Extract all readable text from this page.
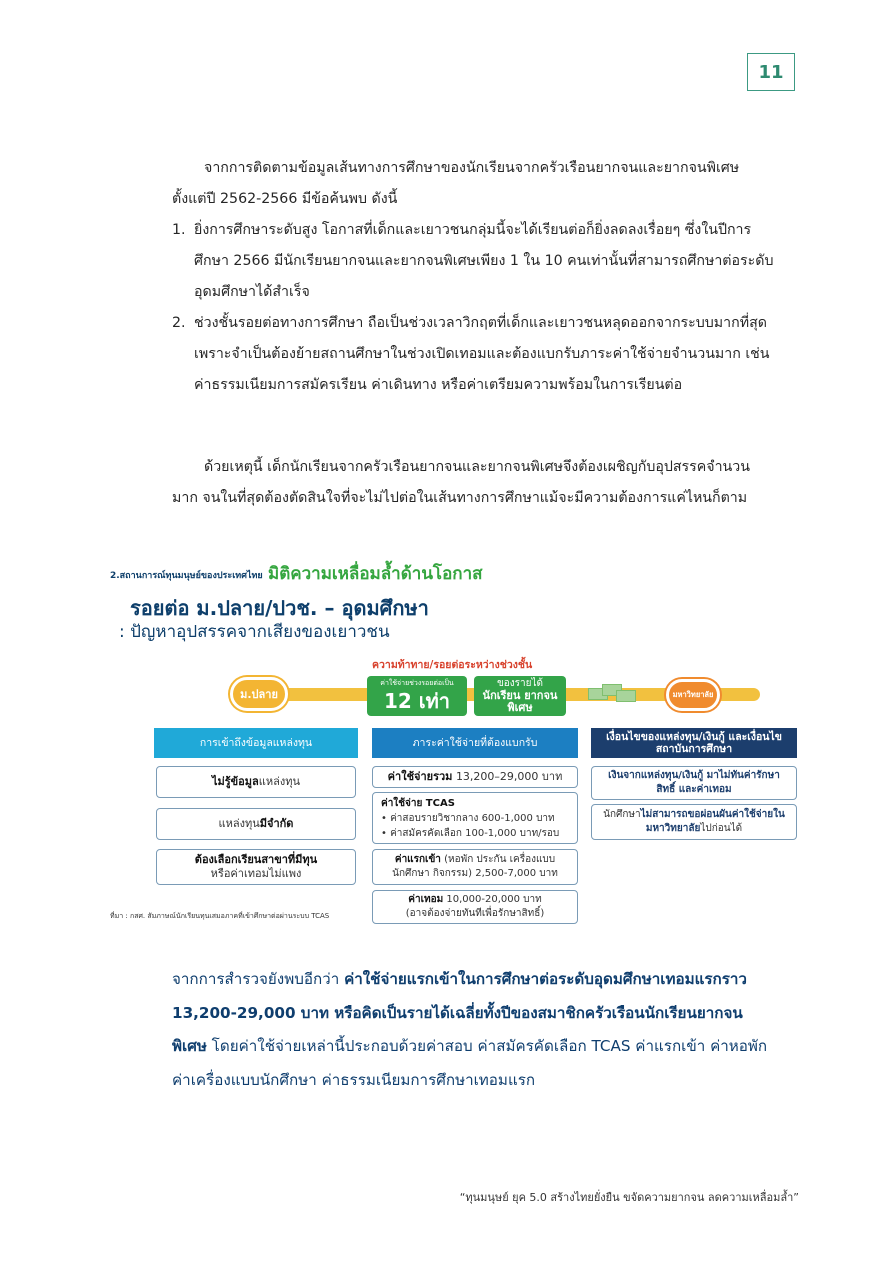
11

จากการติดตามข้อมูลเส้นทางการศึกษาของนักเรียนจากครัวเรือนยากจนและยากจนพิเศษตั้งแต่ปี 2562-2566 มีข้อค้นพบ ดังนี้

1. ยิ่งการศึกษาระดับสูง โอกาสที่เด็กและเยาวชนกลุ่มนี้จะได้เรียนต่อก็ยิ่งลดลงเรื่อยๆ ซึ่งในปีการศึกษา 2566 มีนักเรียนยากจนและยากจนพิเศษเพียง 1 ใน 10 คนเท่านั้นที่สามารถศึกษาต่อระดับอุดมศึกษาได้สำเร็จ
2. ช่วงชั้นรอยต่อทางการศึกษา ถือเป็นช่วงเวลาวิกฤตที่เด็กและเยาวชนหลุดออกจากระบบมากที่สุด เพราะจำเป็นต้องย้ายสถานศึกษาในช่วงเปิดเทอมและต้องแบกรับภาระค่าใช้จ่ายจำนวนมาก เช่น ค่าธรรมเนียมการสมัครเรียน ค่าเดินทาง หรือค่าเตรียมความพร้อมในการเรียนต่อ

ด้วยเหตุนี้ เด็กนักเรียนจากครัวเรือนยากจนและยากจนพิเศษจึงต้องเผชิญกับอุปสรรคจำนวนมาก จนในที่สุดต้องตัดสินใจที่จะไม่ไปต่อในเส้นทางการศึกษาแม้จะมีความต้องการแค่ไหนก็ตาม

2.สถานการณ์ทุนมนุษย์ของประเทศไทย มิติความเหลื่อมล้ำด้านโอกาส
รอยต่อ ม.ปลาย/ปวช. – อุดมศึกษา
: ปัญหาอุปสรรคจากเสียงของเยาวชน
ความท้าทาย/รอยต่อระหว่างช่วงชั้น
ม.ปลาย
ค่าใช้จ่ายช่วงรอยต่อเป็น
12 เท่า
ของรายได้
นักเรียน ยากจนพิเศษ
มหาวิทยาลัย
การเข้าถึงข้อมูลแหล่งทุน	ภาระค่าใช้จ่ายที่ต้องแบกรับ	เงื่อนไขของแหล่งทุน/เงินกู้ และเงื่อนไขสถาบันการศึกษา
ไม่รู้ข้อมูลแหล่งทุน
แหล่งทุนมีจำกัด
ต้องเลือกเรียนสาขาที่มีทุน
หรือค่าเทอมไม่แพง
ค่าใช้จ่ายรวม 13,200–29,000 บาท
ค่าใช้จ่าย TCAS
• ค่าสอบรายวิชากลาง 600-1,000 บาท
• ค่าสมัครคัดเลือก 100-1,000 บาท/รอบ
ค่าแรกเข้า (หอพัก ประกัน เครื่องแบบนักศึกษา กิจกรรม) 2,500-7,000 บาท
ค่าเทอม 10,000-20,000 บาท
(อาจต้องจ่ายทันทีเพื่อรักษาสิทธิ์)
เงินจากแหล่งทุน/เงินกู้ มาไม่ทันค่ารักษาสิทธิ์ และค่าเทอม
นักศึกษาไม่สามารถขอผ่อนผันค่าใช้จ่ายในมหาวิทยาลัยไปก่อนได้
ที่มา : กสศ. สัมภาษณ์นักเรียนทุนเสมอภาคที่เข้าศึกษาต่อผ่านระบบ TCAS

จากการสำรวจยังพบอีกว่า ค่าใช้จ่ายแรกเข้าในการศึกษาต่อระดับอุดมศึกษาเทอมแรกราว 13,200-29,000 บาท หรือคิดเป็นรายได้เฉลี่ยทั้งปีของสมาชิกครัวเรือนนักเรียนยากจนพิเศษ โดยค่าใช้จ่ายเหล่านี้ประกอบด้วยค่าสอบ ค่าสมัครคัดเลือก TCAS ค่าแรกเข้า ค่าหอพัก ค่าเครื่องแบบนักศึกษา ค่าธรรมเนียมการศึกษาเทอมแรก

“ทุนมนุษย์ ยุค 5.0 สร้างไทยยั่งยืน ขจัดความยากจน ลดความเหลื่อมล้ำ”
